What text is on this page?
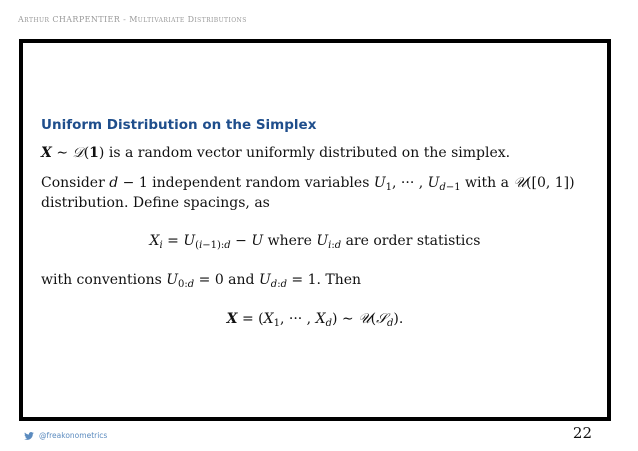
Arthur CHARPENTIER - Multivariate Distributions
Uniform Distribution on the Simplex
X ∼ 𝒟(1) is a random vector uniformly distributed on the simplex.
Consider d − 1 independent random variables $U_1$, ··· , $U_{d-1}$ with a 𝒰([0, 1])
distribution. Define spacings, as
$X_i = U_{(i-1):d} - U$ where $U_{i:d}$ are order statistics
with conventions $U_{0:d} = 0$ and $U_{d:d} = 1$. Then
$X = (X_1$, ··· , $X_d$) ∼ 𝒰(𝒮$_d$).
@freakonometrics	22
